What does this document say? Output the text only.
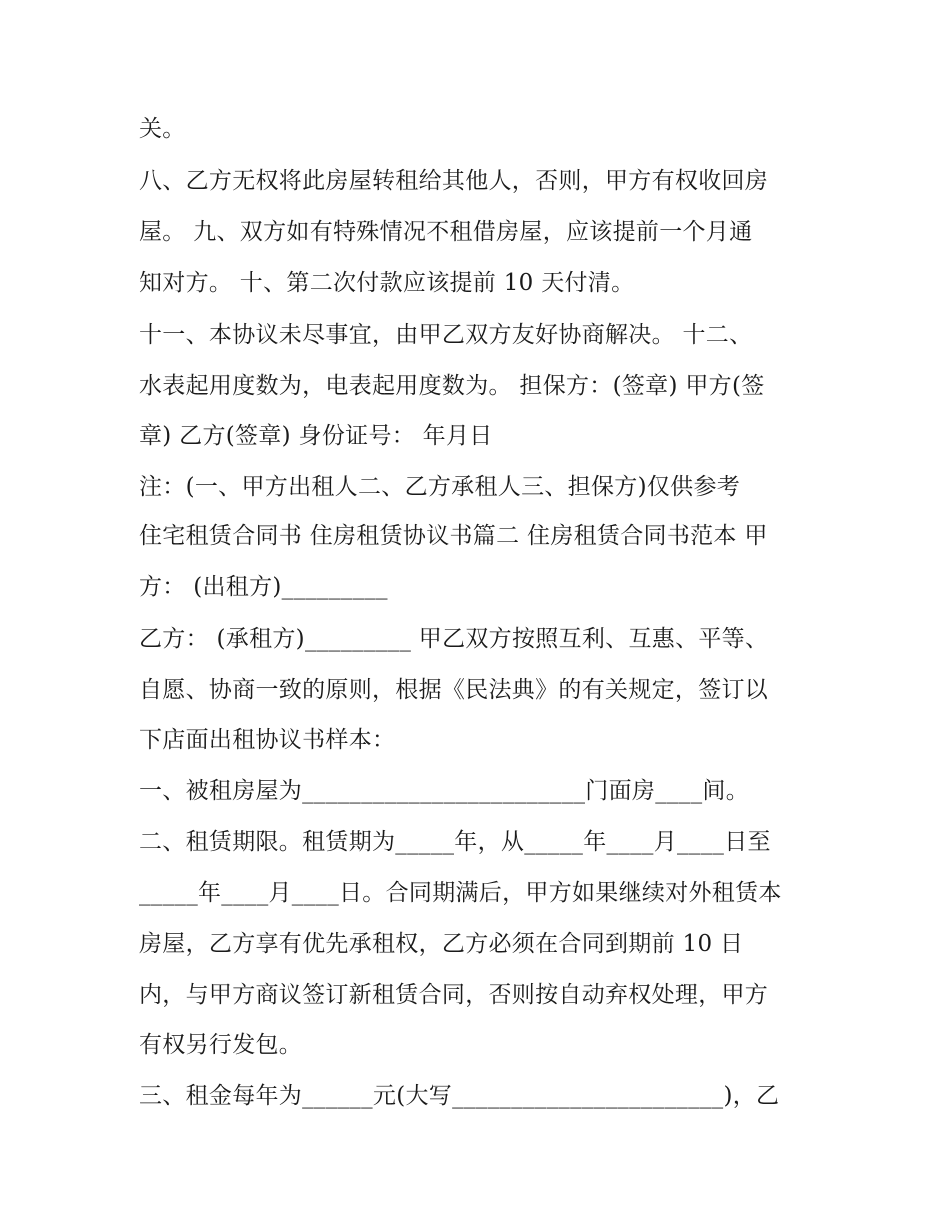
关。
八、乙方无权将此房屋转租给其他人，否则，甲方有权收回房
屋。 九、双方如有特殊情况不租借房屋，应该提前一个月通
知对方。 十、第二次付款应该提前 10 天付清。
十一、本协议未尽事宜，由甲乙双方友好协商解决。 十二、
水表起用度数为，电表起用度数为。 担保方：(签章) 甲方(签
章) 乙方(签章) 身份证号： 年月日
注：(一、甲方出租人二、乙方承租人三、担保方)仅供参考
住宅租赁合同书 住房租赁协议书篇二 住房租赁合同书范本 甲
方： (出租方)_________
乙方： (承租方)_________ 甲乙双方按照互利、互惠、平等、
自愿、协商一致的原则，根据《民法典》的有关规定，签订以
下店面出租协议书样本：
一、被租房屋为________________________门面房____间。
二、租赁期限。租赁期为_____年，从_____年____月____日至
_____年____月____日。合同期满后，甲方如果继续对外租赁本
房屋，乙方享有优先承租权，乙方必须在合同到期前 10 日
内，与甲方商议签订新租赁合同，否则按自动弃权处理，甲方
有权另行发包。
三、租金每年为______元(大写_______________________)，乙
